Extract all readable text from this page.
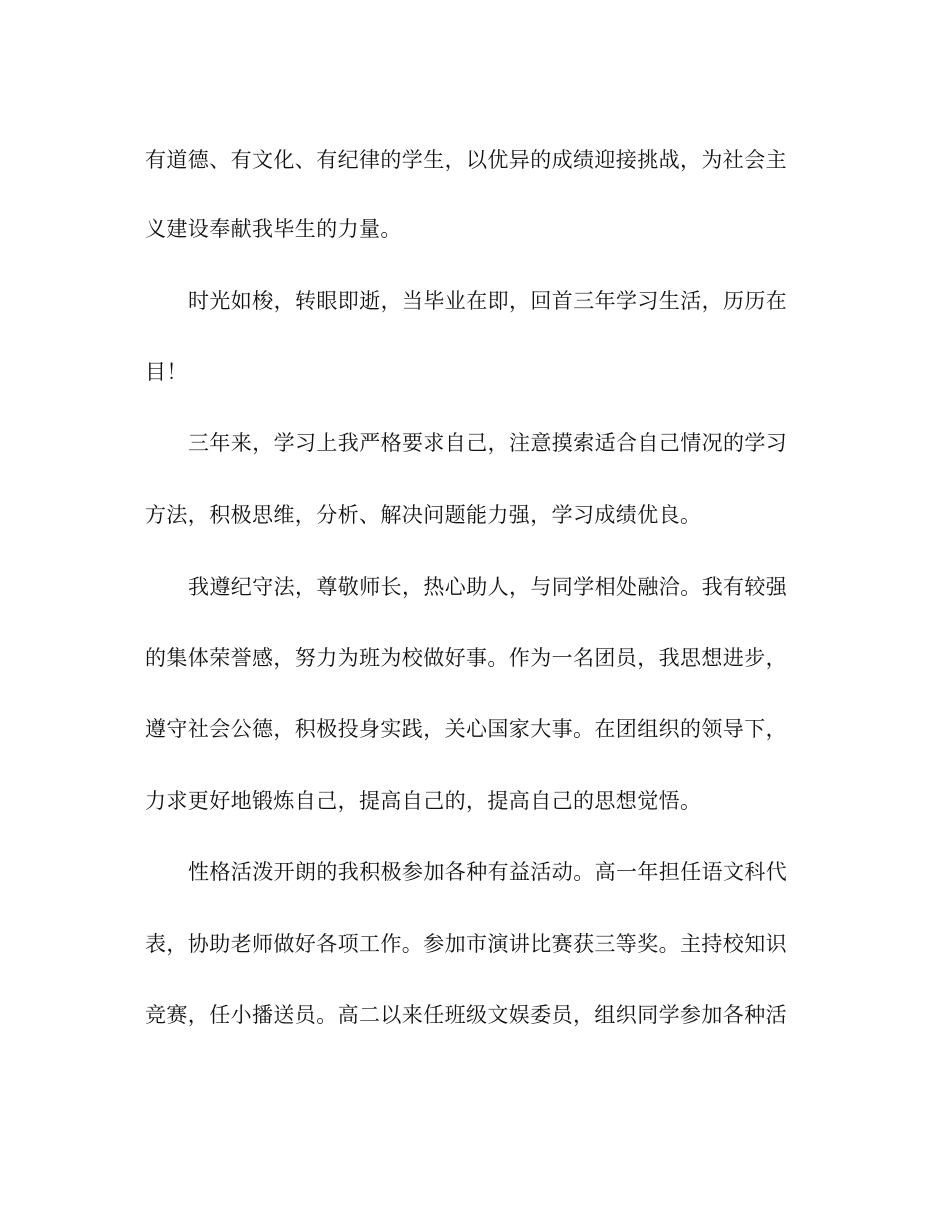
有道德、有文化、有纪律的学生，以优异的成绩迎接挑战，为社会主
义建设奉献我毕生的力量。
时光如梭，转眼即逝，当毕业在即，回首三年学习生活，历历在
目！
三年来，学习上我严格要求自己，注意摸索适合自己情况的学习
方法，积极思维，分析、解决问题能力强，学习成绩优良。
我遵纪守法，尊敬师长，热心助人，与同学相处融洽。我有较强
的集体荣誉感，努力为班为校做好事。作为一名团员，我思想进步，
遵守社会公德，积极投身实践，关心国家大事。在团组织的领导下，
力求更好地锻炼自己，提高自己的，提高自己的思想觉悟。
性格活泼开朗的我积极参加各种有益活动。高一年担任语文科代
表，协助老师做好各项工作。参加市演讲比赛获三等奖。主持校知识
竞赛，任小播送员。高二以来任班级文娱委员，组织同学参加各种活
